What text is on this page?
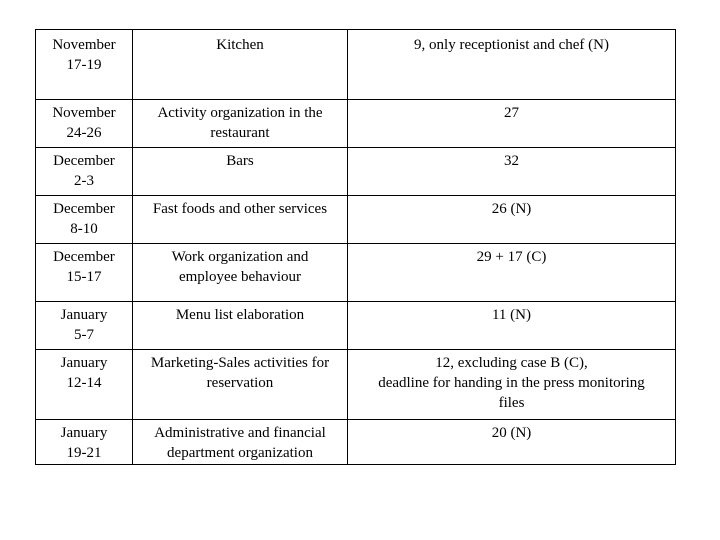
November
17-19	Kitchen	9, only receptionist and chef (N)

November
24-26	Activity organization in the
restaurant	27

December
2-3	Bars	32

December
8-10	Fast foods and other services	26 (N)

December
15-17	Work organization and
employee behaviour	29 + 17 (C)

January
5-7	Menu list elaboration	11 (N)

January
12-14	Marketing-Sales activities for
reservation	12, excluding case B (C),
deadline for handing in the press monitoring
files

January
19-21	Administrative and financial
department organization	20 (N)
